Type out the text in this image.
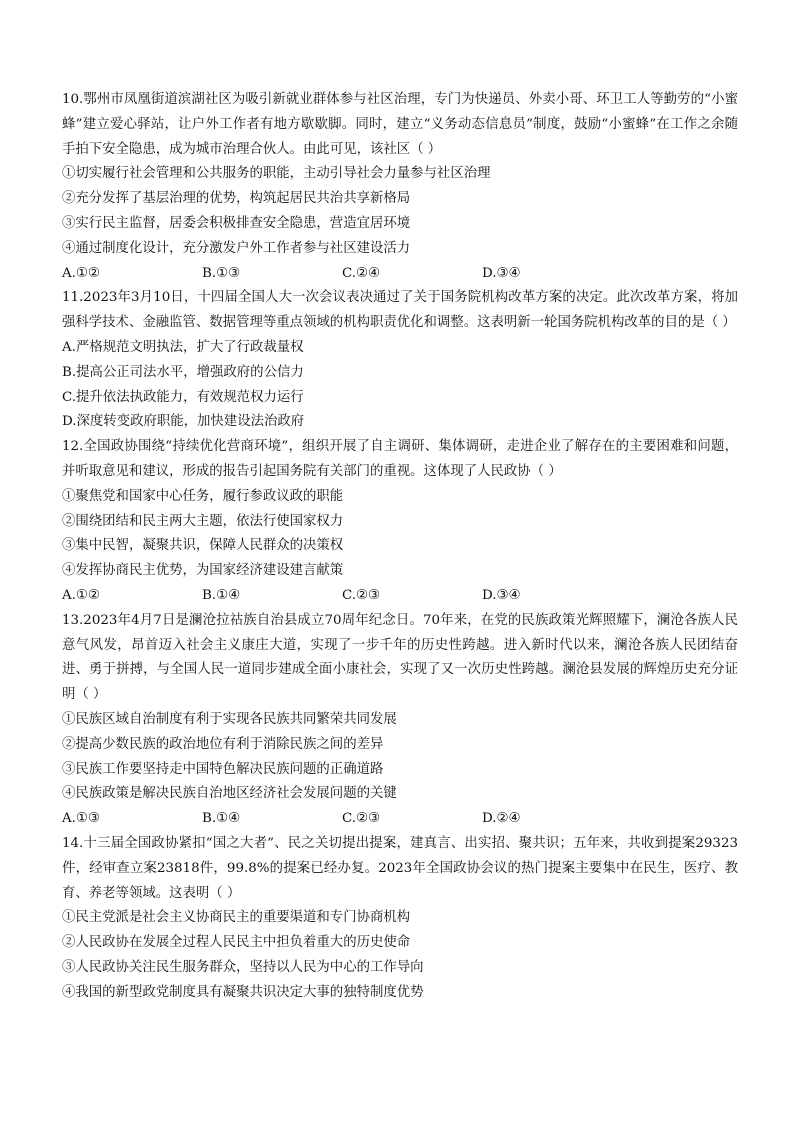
10.鄂州市凤凰街道滨湖社区为吸引新就业群体参与社区治理，专门为快递员、外卖小哥、环卫工人等勤劳的“小蜜蜂”建立爱心驿站，让户外工作者有地方歇歇脚。同时，建立“义务动态信息员”制度，鼓励“小蜜蜂”在工作之余随手拍下安全隐患，成为城市治理合伙人。由此可见，该社区（ ）

①切实履行社会管理和公共服务的职能，主动引导社会力量参与社区治理

②充分发挥了基层治理的优势，构筑起居民共治共享新格局

③实行民主监督，居委会积极排查安全隐患，营造宜居环境

④通过制度化设计，充分激发户外工作者参与社区建设活力

A.①②	B.①③	C.②④	D.③④

11.2023年3月10日，十四届全国人大一次会议表决通过了关于国务院机构改革方案的决定。此次改革方案，将加强科学技术、金融监管、数据管理等重点领域的机构职责优化和调整。这表明新一轮国务院机构改革的目的是（ ）

A.严格规范文明执法，扩大了行政裁量权

B.提高公正司法水平，增强政府的公信力

C.提升依法执政能力，有效规范权力运行

D.深度转变政府职能，加快建设法治政府

12.全国政协围绕“持续优化营商环境”，组织开展了自主调研、集体调研，走进企业了解存在的主要困难和问题，并听取意见和建议，形成的报告引起国务院有关部门的重视。这体现了人民政协（ ）

①聚焦党和国家中心任务，履行参政议政的职能

②围绕团结和民主两大主题，依法行使国家权力

③集中民智，凝聚共识，保障人民群众的决策权

④发挥协商民主优势，为国家经济建设建言献策

A.①②	B.①④	C.②③	D.③④

13.2023年4月7日是澜沧拉祜族自治县成立70周年纪念日。70年来，在党的民族政策光辉照耀下，澜沧各族人民意气风发，昂首迈入社会主义康庄大道，实现了一步千年的历史性跨越。进入新时代以来，澜沧各族人民团结奋进、勇于拼搏，与全国人民一道同步建成全面小康社会，实现了又一次历史性跨越。澜沧县发展的辉煌历史充分证明（ ）

①民族区域自治制度有利于实现各民族共同繁荣共同发展

②提高少数民族的政治地位有利于消除民族之间的差异

③民族工作要坚持走中国特色解决民族问题的正确道路

④民族政策是解决民族自治地区经济社会发展问题的关键

A.①③	B.①④	C.②③	D.②④

14.十三届全国政协紧扣“国之大者”、民之关切提出提案，建真言、出实招、聚共识；五年来，共收到提案29323件，经审查立案23818件，99.8%的提案已经办复。2023年全国政协会议的热门提案主要集中在民生，医疗、教育、养老等领域。这表明（ ）

①民主党派是社会主义协商民主的重要渠道和专门协商机构

②人民政协在发展全过程人民民主中担负着重大的历史使命

③人民政协关注民生服务群众，坚持以人民为中心的工作导向

④我国的新型政党制度具有凝聚共识决定大事的独特制度优势
